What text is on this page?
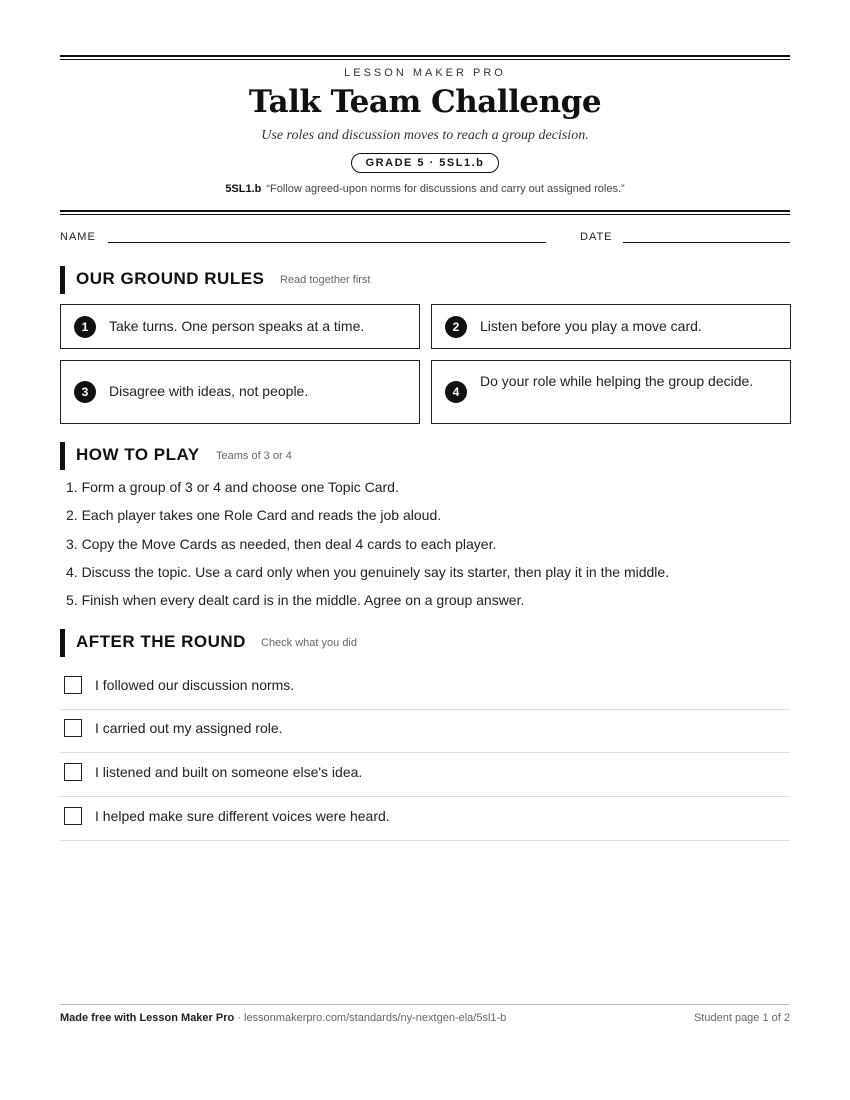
LESSON MAKER PRO
Talk Team Challenge
Use roles and discussion moves to reach a group decision.
GRADE 5 · 5SL1.b
5SL1.b “Follow agreed-upon norms for discussions and carry out assigned roles.”
NAME	DATE
OUR GROUND RULES Read together first
1	Take turns. One person speaks at a time.	2	Listen before you play a move card.
3	Disagree with ideas, not people.	4
Do your role while helping the group decide.
HOW TO PLAY Teams of 3 or 4
1. Form a group of 3 or 4 and choose one Topic Card.
2. Each player takes one Role Card and reads the job aloud.
3. Copy the Move Cards as needed, then deal 4 cards to each player.
4. Discuss the topic. Use a card only when you genuinely say its starter, then play it in the middle.
5. Finish when every dealt card is in the middle. Agree on a group answer.
AFTER THE ROUND Check what you did
I followed our discussion norms.
I carried out my assigned role.
I listened and built on someone else's idea.
I helped make sure different voices were heard.
Made free with Lesson Maker Pro · lessonmakerpro.com/standards/ny-nextgen-ela/5sl1-b	Student page 1 of 2
